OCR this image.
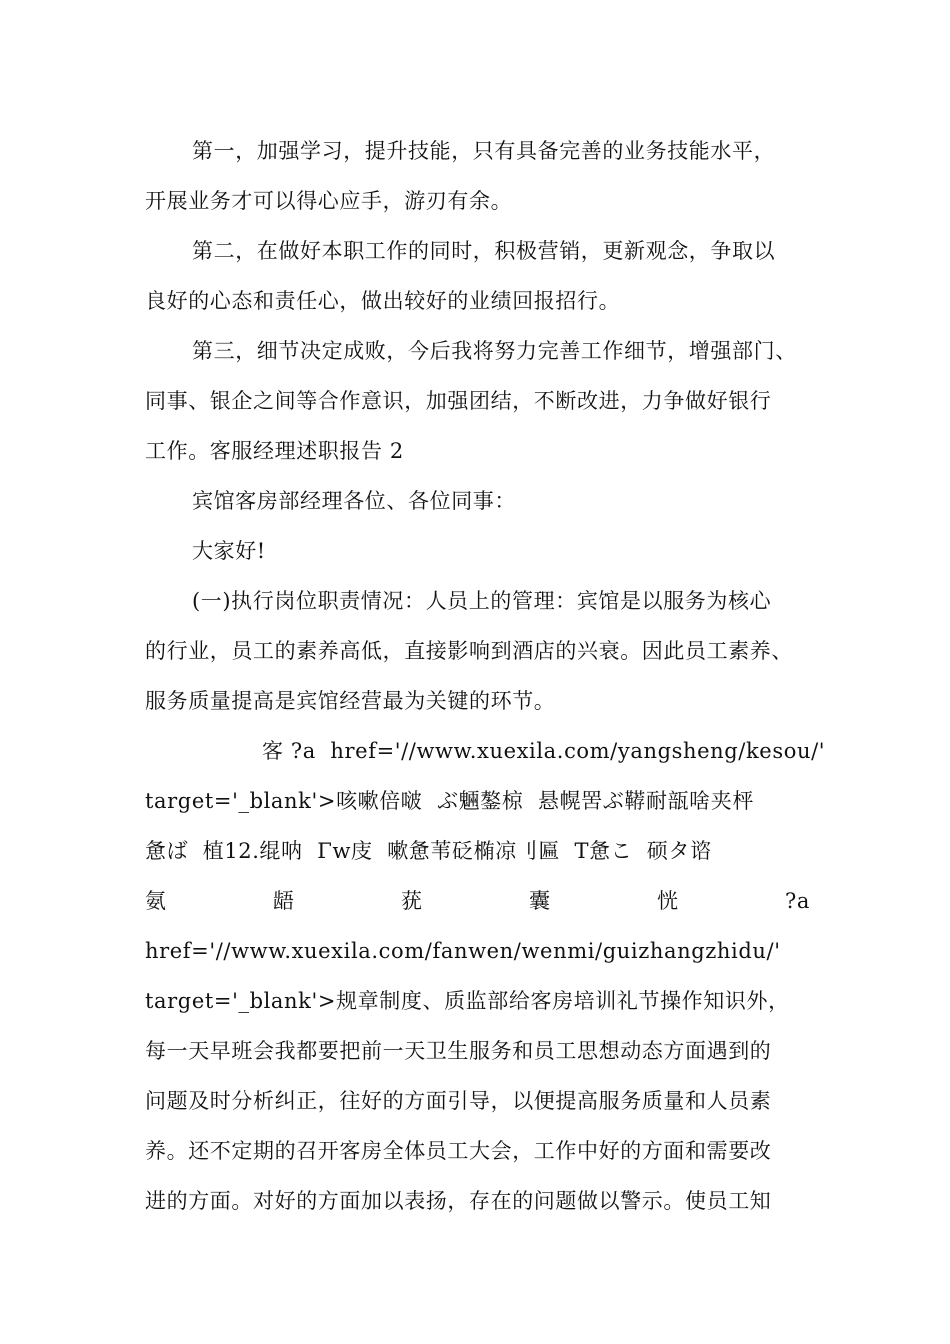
第一，加强学习，提升技能，只有具备完善的业务技能水平，
开展业务才可以得心应手，游刃有余。
第二，在做好本职工作的同时，积极营销，更新观念，争取以
良好的心态和责任心，做出较好的业绩回报招行。
第三，细节决定成败，今后我将努力完善工作细节，增强部门、
同事、银企之间等合作意识，加强团结，不断改进，力争做好银行
工作。客服经理述职报告 2
宾馆客房部经理各位、各位同事：
大家好!
(一)执行岗位职责情况：人员上的管理：宾馆是以服务为核心
的行业，员工的素养高低，直接影响到酒店的兴衰。因此员工素养、
服务质量提高是宾馆经营最为关键的环节。
客 ?a  href='//www.xuexila.com/yangsheng/kesou/'
target='_blank'>咳嗽倍啵  ぶ魎鏊椋  悬幌罟ぶ鞯耐瓿啥夹枰
惫ば  植12.绲呐  Γw庋  嗽惫苇砭椭凉刂匾  T惫こ  硕タ谘
氨	龉	莸	囊	恍	?a
href='//www.xuexila.com/fanwen/wenmi/guizhangzhidu/'
target='_blank'>规章制度、质监部给客房培训礼节操作知识外，
每一天早班会我都要把前一天卫生服务和员工思想动态方面遇到的
问题及时分析纠正，往好的方面引导，以便提高服务质量和人员素
养。还不定期的召开客房全体员工大会，工作中好的方面和需要改
进的方面。对好的方面加以表扬，存在的问题做以警示。使员工知
